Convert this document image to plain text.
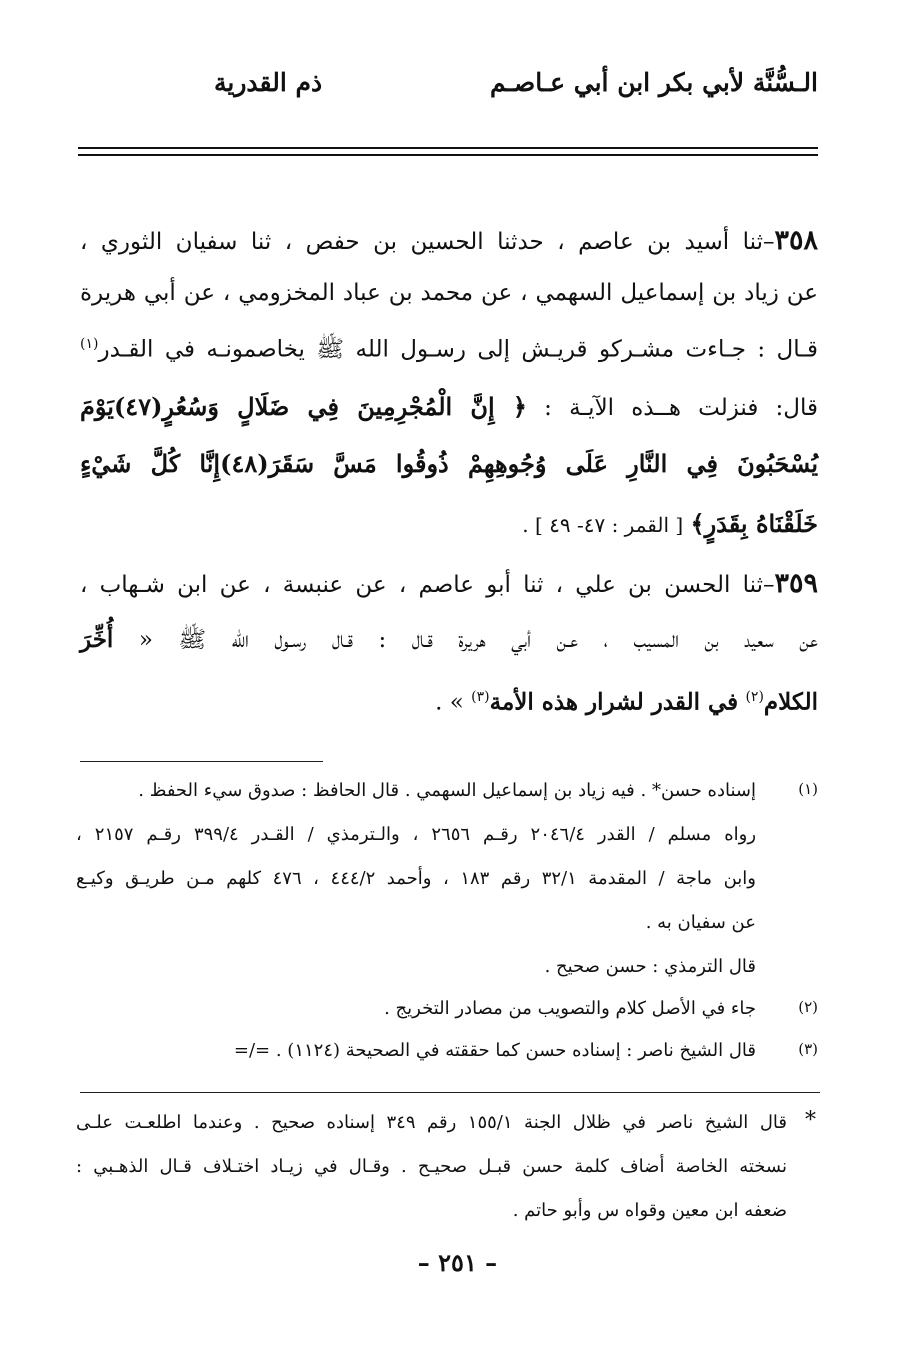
الـسُّنَّة لأبي بكر ابن أبي عـاصـم
ذم القدرية
٣٥٨–ثنا أسيد بن عاصم ، حدثنا الحسين بن حفص ، ثنا سفيان الثوري ،
عن زياد بن إسماعيل السهمي ، عن محمد بن عباد المخزومي ، عن أبي هريرة
قـال : جـاءت مشـركو قريـش إلى رسـول الله ﷺ يخاصمونـه في القـدر$^{(١)}$
قال: فنزلت هــذه الآيـة : ﴿ إِنَّ الْمُجْرِمِينَ فِي ضَلَالٍ وَسُعُرٍ(٤٧)يَوْمَ
يُسْحَبُونَ فِي النَّارِ عَلَى وُجُوهِهِمْ ذُوقُوا مَسَّ سَقَرَ(٤٨)إِنَّا كُلَّ شَيْءٍ
خَلَقْنَاهُ بِقَدَرٍ﴾ [ القمر : ٤٧- ٤٩ ] .
٣٥٩–ثنا الحسن بن علي ، ثنا أبو عاصم ، عن عنبسة ، عن ابن شـهاب ،
عن سعيد بن المسيب ، عـن أبي هريرة قـال : قـال رسـول الله ﷺ « أُخِّرَ
الكلام$^{(٢)}$ في القدر لشرار هذه الأمة$^{(٣)}$ » .
(١)
إسناده حسن* . فيه زياد بن إسماعيل السهمي . قال الحافظ : صدوق سيء الحفظ .
رواه مسلم / القدر ٢٠٤٦/٤ رقـم ٢٦٥٦ ، والـترمذي / القـدر ٣٩٩/٤ رقـم ٢١٥٧ ،
وابن ماجة / المقدمة ٣٢/١ رقم ١٨٣ ، وأحمد ٤٤٤/٢ ، ٤٧٦ كلهم مـن طريـق وكيـع
عن سفيان به .
قال الترمذي : حسن صحيح .
(٢)
جاء في الأصل كلام والتصويب من مصادر التخريج .
(٣)
قال الشيخ ناصر : إسناده حسن كما حققته في الصحيحة (١١٢٤) . =/=
*
قال الشيخ ناصر في ظلال الجنة ١٥٥/١ رقم ٣٤٩ إسناده صحيح . وعندما اطلعـت علـى
نسخته الخاصة أضاف كلمة حسن قبـل صحيـح . وقـال في زيـاد اختـلاف قـال الذهـبي :
ضعفه ابن معين وقواه س وأبو حاتم .
– ٢٥١ –
